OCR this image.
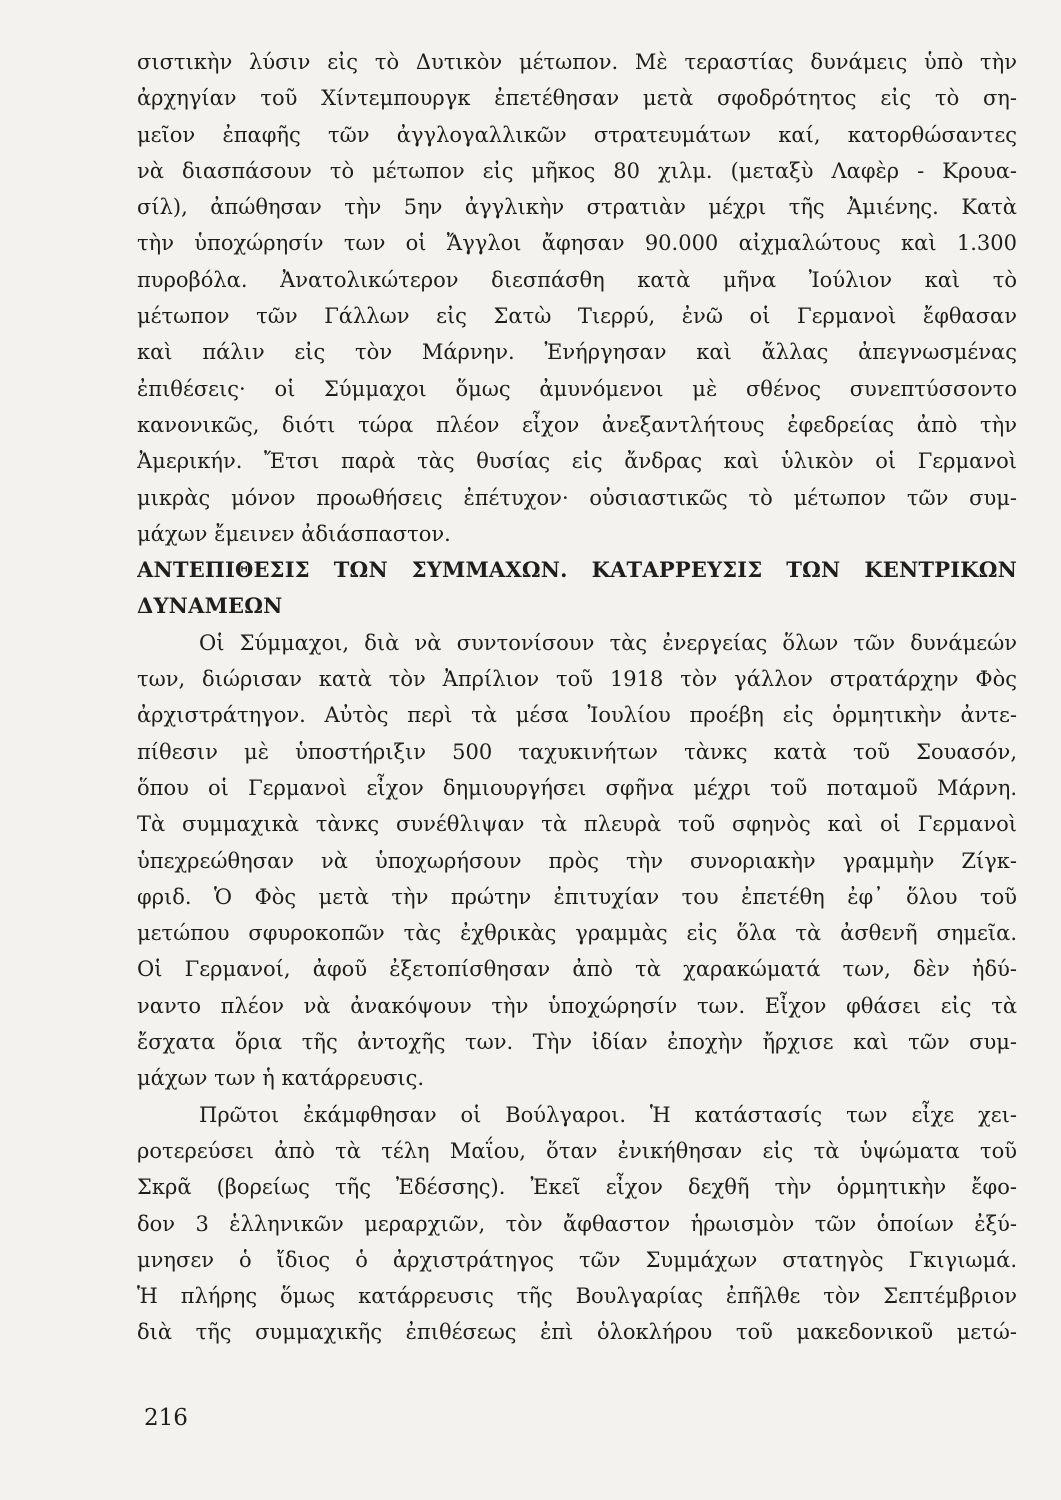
σιστικὴν λύσιν εἰς τὸ Δυτικὸν μέτωπον. Μὲ τεραστίας δυνάμεις ὑπὸ τὴν
ἀρχηγίαν τοῦ Χίντεμπουργκ ἐπετέθησαν μετὰ σφοδρότητος εἰς τὸ ση-
μεῖον ἐπαφῆς τῶν ἀγγλογαλλικῶν στρατευμάτων καί, κατορθώσαντες
νὰ διασπάσουν τὸ μέτωπον εἰς μῆκος 80 χιλμ. (μεταξὺ Λαφὲρ - Κρουα-
σίλ), ἀπώθησαν τὴν 5ην ἀγγλικὴν στρατιὰν μέχρι τῆς Ἀμιένης. Κατὰ
τὴν ὑποχώρησίν των οἱ Ἄγγλοι ἄφησαν 90.000 αἰχμαλώτους καὶ 1.300
πυροβόλα. Ἀνατολικώτερον διεσπάσθη κατὰ μῆνα Ἰούλιον καὶ τὸ
μέτωπον τῶν Γάλλων εἰς Σατὼ Τιερρύ, ἐνῶ οἱ Γερμανοὶ ἔφθασαν
καὶ πάλιν εἰς τὸν Μάρνην. Ἐνήργησαν καὶ ἄλλας ἀπεγνωσμένας
ἐπιθέσεις· οἱ Σύμμαχοι ὅμως ἀμυνόμενοι μὲ σθένος συνεπτύσσοντο
κανονικῶς, διότι τώρα πλέον εἶχον ἀνεξαντλήτους ἐφεδρείας ἀπὸ τὴν
Ἀμερικήν. Ἔτσι παρὰ τὰς θυσίας εἰς ἄνδρας καὶ ὑλικὸν οἱ Γερμανοὶ
μικρὰς μόνον προωθήσεις ἐπέτυχον· οὐσιαστικῶς τὸ μέτωπον τῶν συμ-
μάχων ἔμεινεν ἀδιάσπαστον.
ΑΝΤΕΠΙΘΕΣΙΣ ΤΩΝ ΣΥΜΜΑΧΩΝ. ΚΑΤΑΡΡΕΥΣΙΣ ΤΩΝ ΚΕΝΤΡΙΚΩΝ
ΔΥΝΑΜΕΩΝ
Οἱ Σύμμαχοι, διὰ νὰ συντονίσουν τὰς ἐνεργείας ὅλων τῶν δυνάμεών
των, διώρισαν κατὰ τὸν Ἀπρίλιον τοῦ 1918 τὸν γάλλον στρατάρχην Φὸς
ἀρχιστράτηγον. Αὐτὸς περὶ τὰ μέσα Ἰουλίου προέβη εἰς ὁρμητικὴν ἀντε-
πίθεσιν μὲ ὑποστήριξιν 500 ταχυκινήτων τὰνκς κατὰ τοῦ Σουασόν,
ὅπου οἱ Γερμανοὶ εἶχον δημιουργήσει σφῆνα μέχρι τοῦ ποταμοῦ Μάρνη.
Τὰ συμμαχικὰ τὰνκς συνέθλιψαν τὰ πλευρὰ τοῦ σφηνὸς καὶ οἱ Γερμανοὶ
ὑπεχρεώθησαν νὰ ὑποχωρήσουν πρὸς τὴν συνοριακὴν γραμμὴν Ζίγκ-
φριδ. Ὁ Φὸς μετὰ τὴν πρώτην ἐπιτυχίαν του ἐπετέθη ἐφ᾽ ὅλου τοῦ
μετώπου σφυροκοπῶν τὰς ἐχθρικὰς γραμμὰς εἰς ὅλα τὰ ἀσθενῆ σημεῖα.
Οἱ Γερμανοί, ἀφοῦ ἐξετοπίσθησαν ἀπὸ τὰ χαρακώματά των, δὲν ἠδύ-
ναντο πλέον νὰ ἀνακόψουν τὴν ὑποχώρησίν των. Εἶχον φθάσει εἰς τὰ
ἔσχατα ὅρια τῆς ἀντοχῆς των. Τὴν ἰδίαν ἐποχὴν ἤρχισε καὶ τῶν συμ-
μάχων των ἡ κατάρρευσις.
Πρῶτοι ἐκάμφθησαν οἱ Βούλγαροι. Ἡ κατάστασίς των εἶχε χει-
ροτερεύσει ἀπὸ τὰ τέλη Μαΐου, ὅταν ἐνικήθησαν εἰς τὰ ὑψώματα τοῦ
Σκρᾶ (βορείως τῆς Ἐδέσσης). Ἐκεῖ εἶχον δεχθῆ τὴν ὁρμητικὴν ἔφο-
δον 3 ἑλληνικῶν μεραρχιῶν, τὸν ἄφθαστον ἡρωισμὸν τῶν ὁποίων ἐξύ-
μνησεν ὁ ἴδιος ὁ ἀρχιστράτηγος τῶν Συμμάχων στατηγὸς Γκιγιωμά.
Ἡ πλήρης ὅμως κατάρρευσις τῆς Βουλγαρίας ἐπῆλθε τὸν Σεπτέμβριον
διὰ τῆς συμμαχικῆς ἐπιθέσεως ἐπὶ ὁλοκλήρου τοῦ μακεδονικοῦ μετώ-
216
